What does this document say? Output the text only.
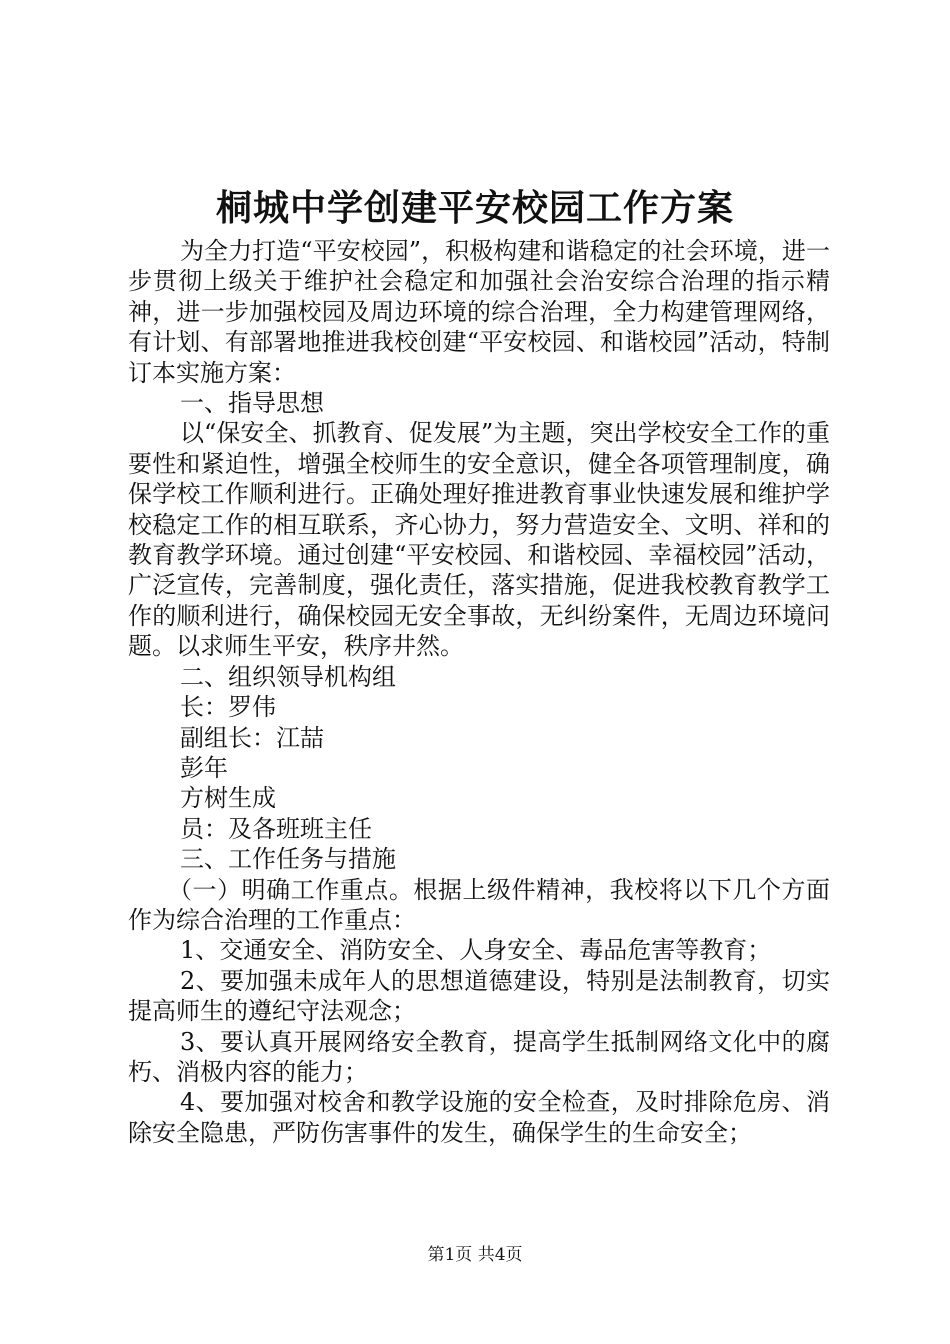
桐城中学创建平安校园工作方案

为全力打造“平安校园”，积极构建和谐稳定的社会环境，进一步贯彻上级关于维护社会稳定和加强社会治安综合治理的指示精神，进一步加强校园及周边环境的综合治理，全力构建管理网络，有计划、有部署地推进我校创建“平安校园、和谐校园”活动，特制订本实施方案：

一、指导思想

以“保安全、抓教育、促发展”为主题，突出学校安全工作的重要性和紧迫性，增强全校师生的安全意识，健全各项管理制度，确保学校工作顺利进行。正确处理好推进教育事业快速发展和维护学校稳定工作的相互联系，齐心协力，努力营造安全、文明、祥和的教育教学环境。通过创建“平安校园、和谐校园、幸福校园”活动，广泛宣传，完善制度，强化责任，落实措施，促进我校教育教学工作的顺利进行，确保校园无安全事故，无纠纷案件，无周边环境问题。以求师生平安，秩序井然。

二、组织领导机构组

长：罗伟

副组长：江喆

彭年

方树生成

员：及各班班主任

三、工作任务与措施

（一）明确工作重点。根据上级件精神，我校将以下几个方面作为综合治理的工作重点：

1、交通安全、消防安全、人身安全、毒品危害等教育；

2、要加强未成年人的思想道德建设，特别是法制教育，切实提高师生的遵纪守法观念；

3、要认真开展网络安全教育，提高学生抵制网络文化中的腐朽、消极内容的能力；

4、要加强对校舍和教学设施的安全检查，及时排除危房、消除安全隐患，严防伤害事件的发生，确保学生的生命安全；

第1页 共4页
